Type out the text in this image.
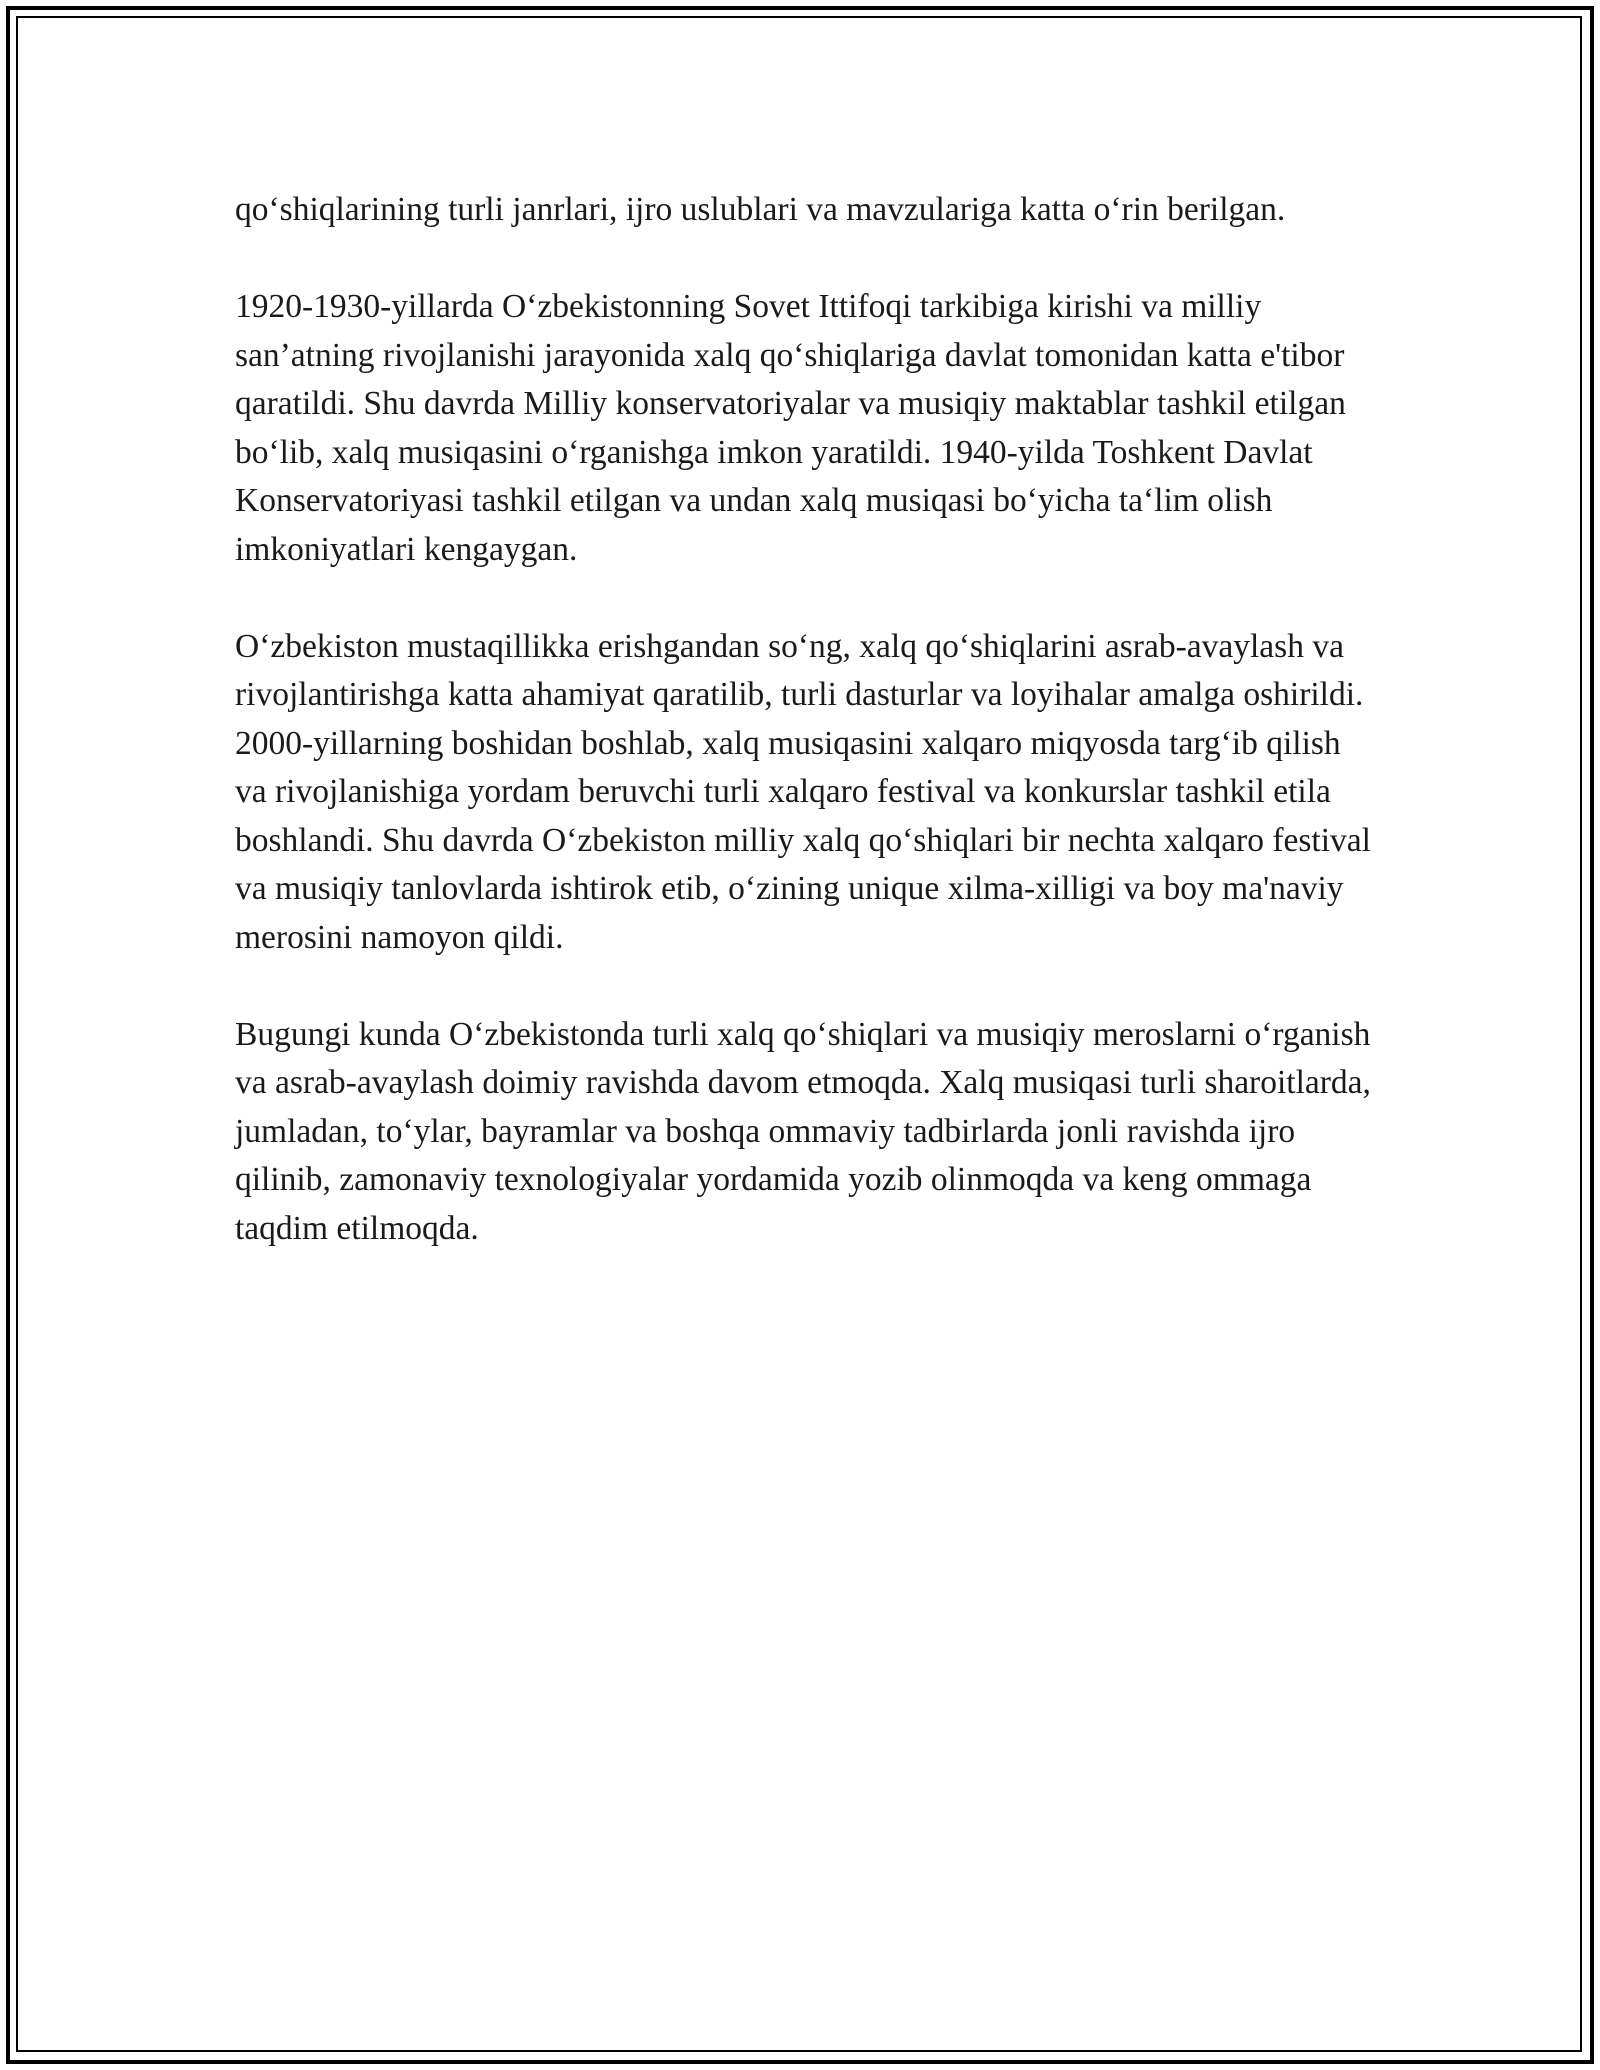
qo‘shiqlarining turli janrlari, ijro uslublari va mavzulariga katta o‘rin berilgan.

1920-1930-yillarda O‘zbekistonning Sovet Ittifoqi tarkibiga kirishi va milliy san’atning rivojlanishi jarayonida xalq qo‘shiqlariga davlat tomonidan katta e'tibor qaratildi. Shu davrda Milliy konservatoriyalar va musiqiy maktablar tashkil etilgan bo‘lib, xalq musiqasini o‘rganishga imkon yaratildi. 1940-yilda Toshkent Davlat Konservatoriyasi tashkil etilgan va undan xalq musiqasi bo‘yicha ta‘lim olish imkoniyatlari kengaygan.

O‘zbekiston mustaqillikka erishgandan so‘ng, xalq qo‘shiqlarini asrab-avaylash va rivojlantirishga katta ahamiyat qaratilib, turli dasturlar va loyihalar amalga oshirildi. 2000-yillarning boshidan boshlab, xalq musiqasini xalqaro miqyosda targ‘ib qilish va rivojlanishiga yordam beruvchi turli xalqaro festival va konkurslar tashkil etila boshlandi. Shu davrda O‘zbekiston milliy xalq qo‘shiqlari bir nechta xalqaro festival va musiqiy tanlovlarda ishtirok etib, o‘zining unique xilma-xilligi va boy ma'naviy merosini namoyon qildi.

Bugungi kunda O‘zbekistonda turli xalq qo‘shiqlari va musiqiy meroslarni o‘rganish va asrab-avaylash doimiy ravishda davom etmoqda. Xalq musiqasi turli sharoitlarda, jumladan, to‘ylar, bayramlar va boshqa ommaviy tadbirlarda jonli ravishda ijro qilinib, zamonaviy texnologiyalar yordamida yozib olinmoqda va keng ommaga taqdim etilmoqda.
